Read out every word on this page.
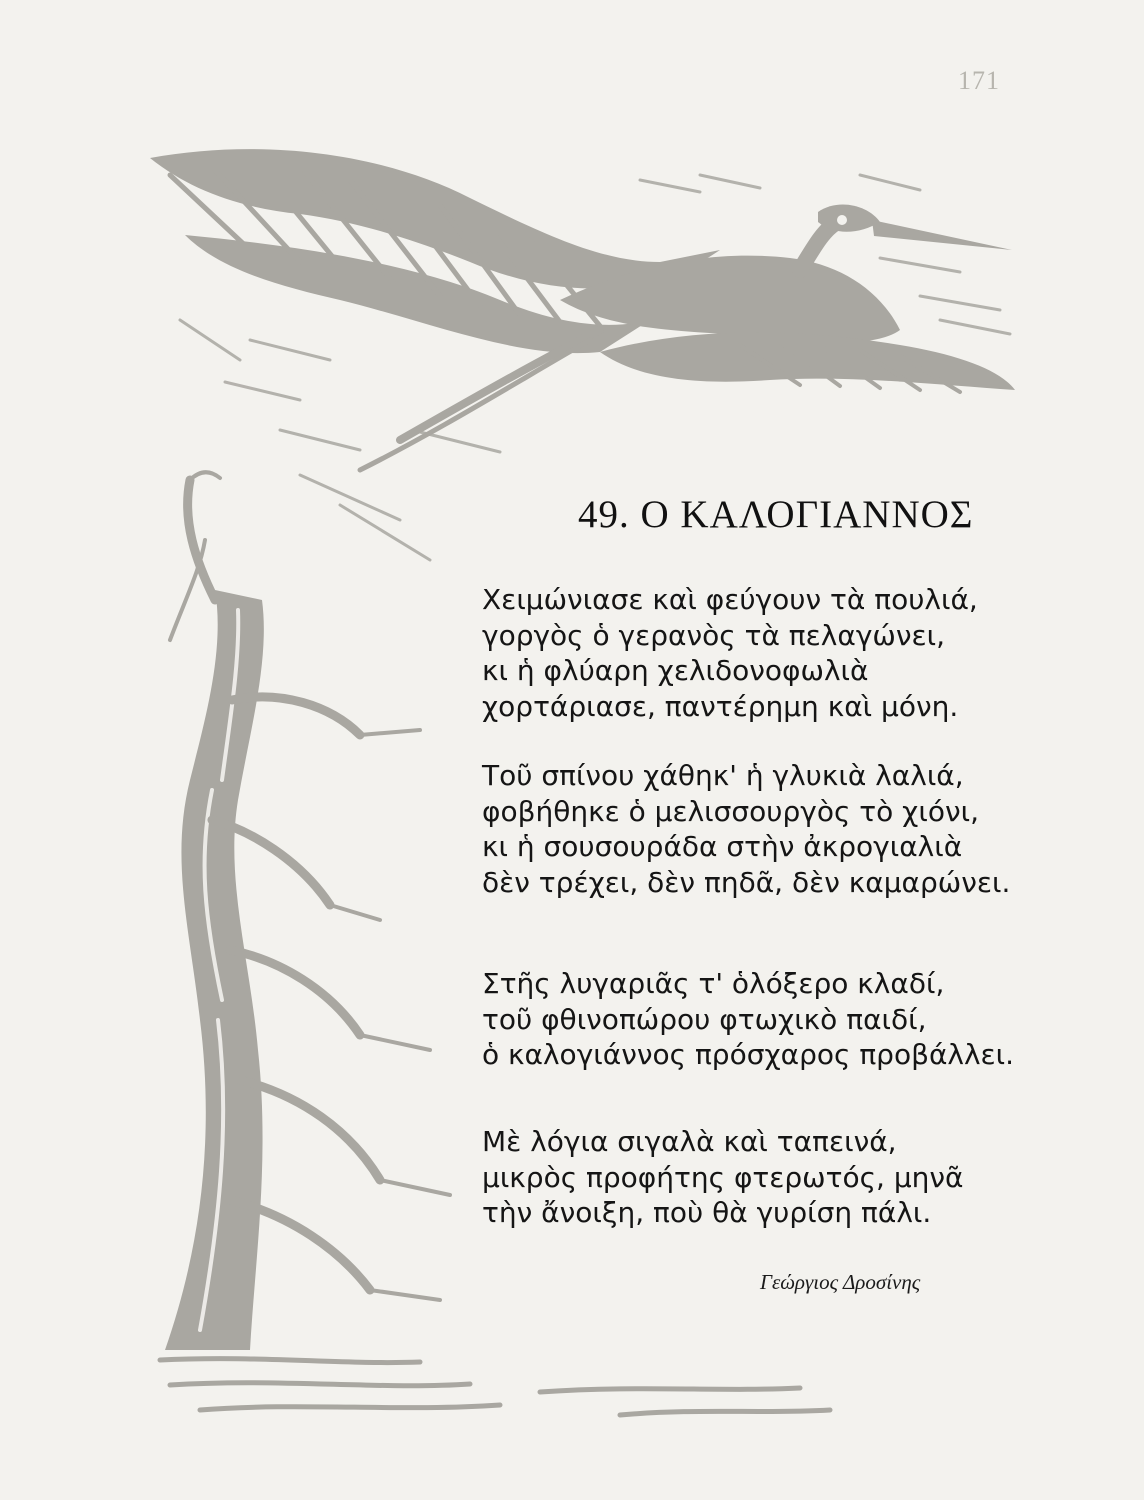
171
49. Ο ΚΑΛΟΓΙΑΝΝΟΣ

Χειμώνιασε καὶ φεύγουν τὰ πουλιά,
γοργὸς ὁ γερανὸς τὰ πελαγώνει,
κι ἡ φλύαρη χελιδονοφωλιὰ
χορτάριασε, παντέρημη καὶ μόνη.

Τοῦ σπίνου χάθηκ' ἡ γλυκιὰ λαλιά,
φοβήθηκε ὁ μελισσουργὸς τὸ χιόνι,
κι ἡ σουσουράδα στὴν ἀκρογιαλιὰ
δὲν τρέχει, δὲν πηδᾶ, δὲν καμαρώνει.

Στῆς λυγαριᾶς τ' ὁλόξερο κλαδί,
τοῦ φθινοπώρου φτωχικὸ παιδί,
ὁ καλογιάννος πρόσχαρος προβάλλει.

Μὲ λόγια σιγαλὰ καὶ ταπεινά,
μικρὸς προφήτης φτερωτός, μηνᾶ
τὴν ἄνοιξη, ποὺ θὰ γυρίση πάλι.

Γεώργιος Δροσίνης
